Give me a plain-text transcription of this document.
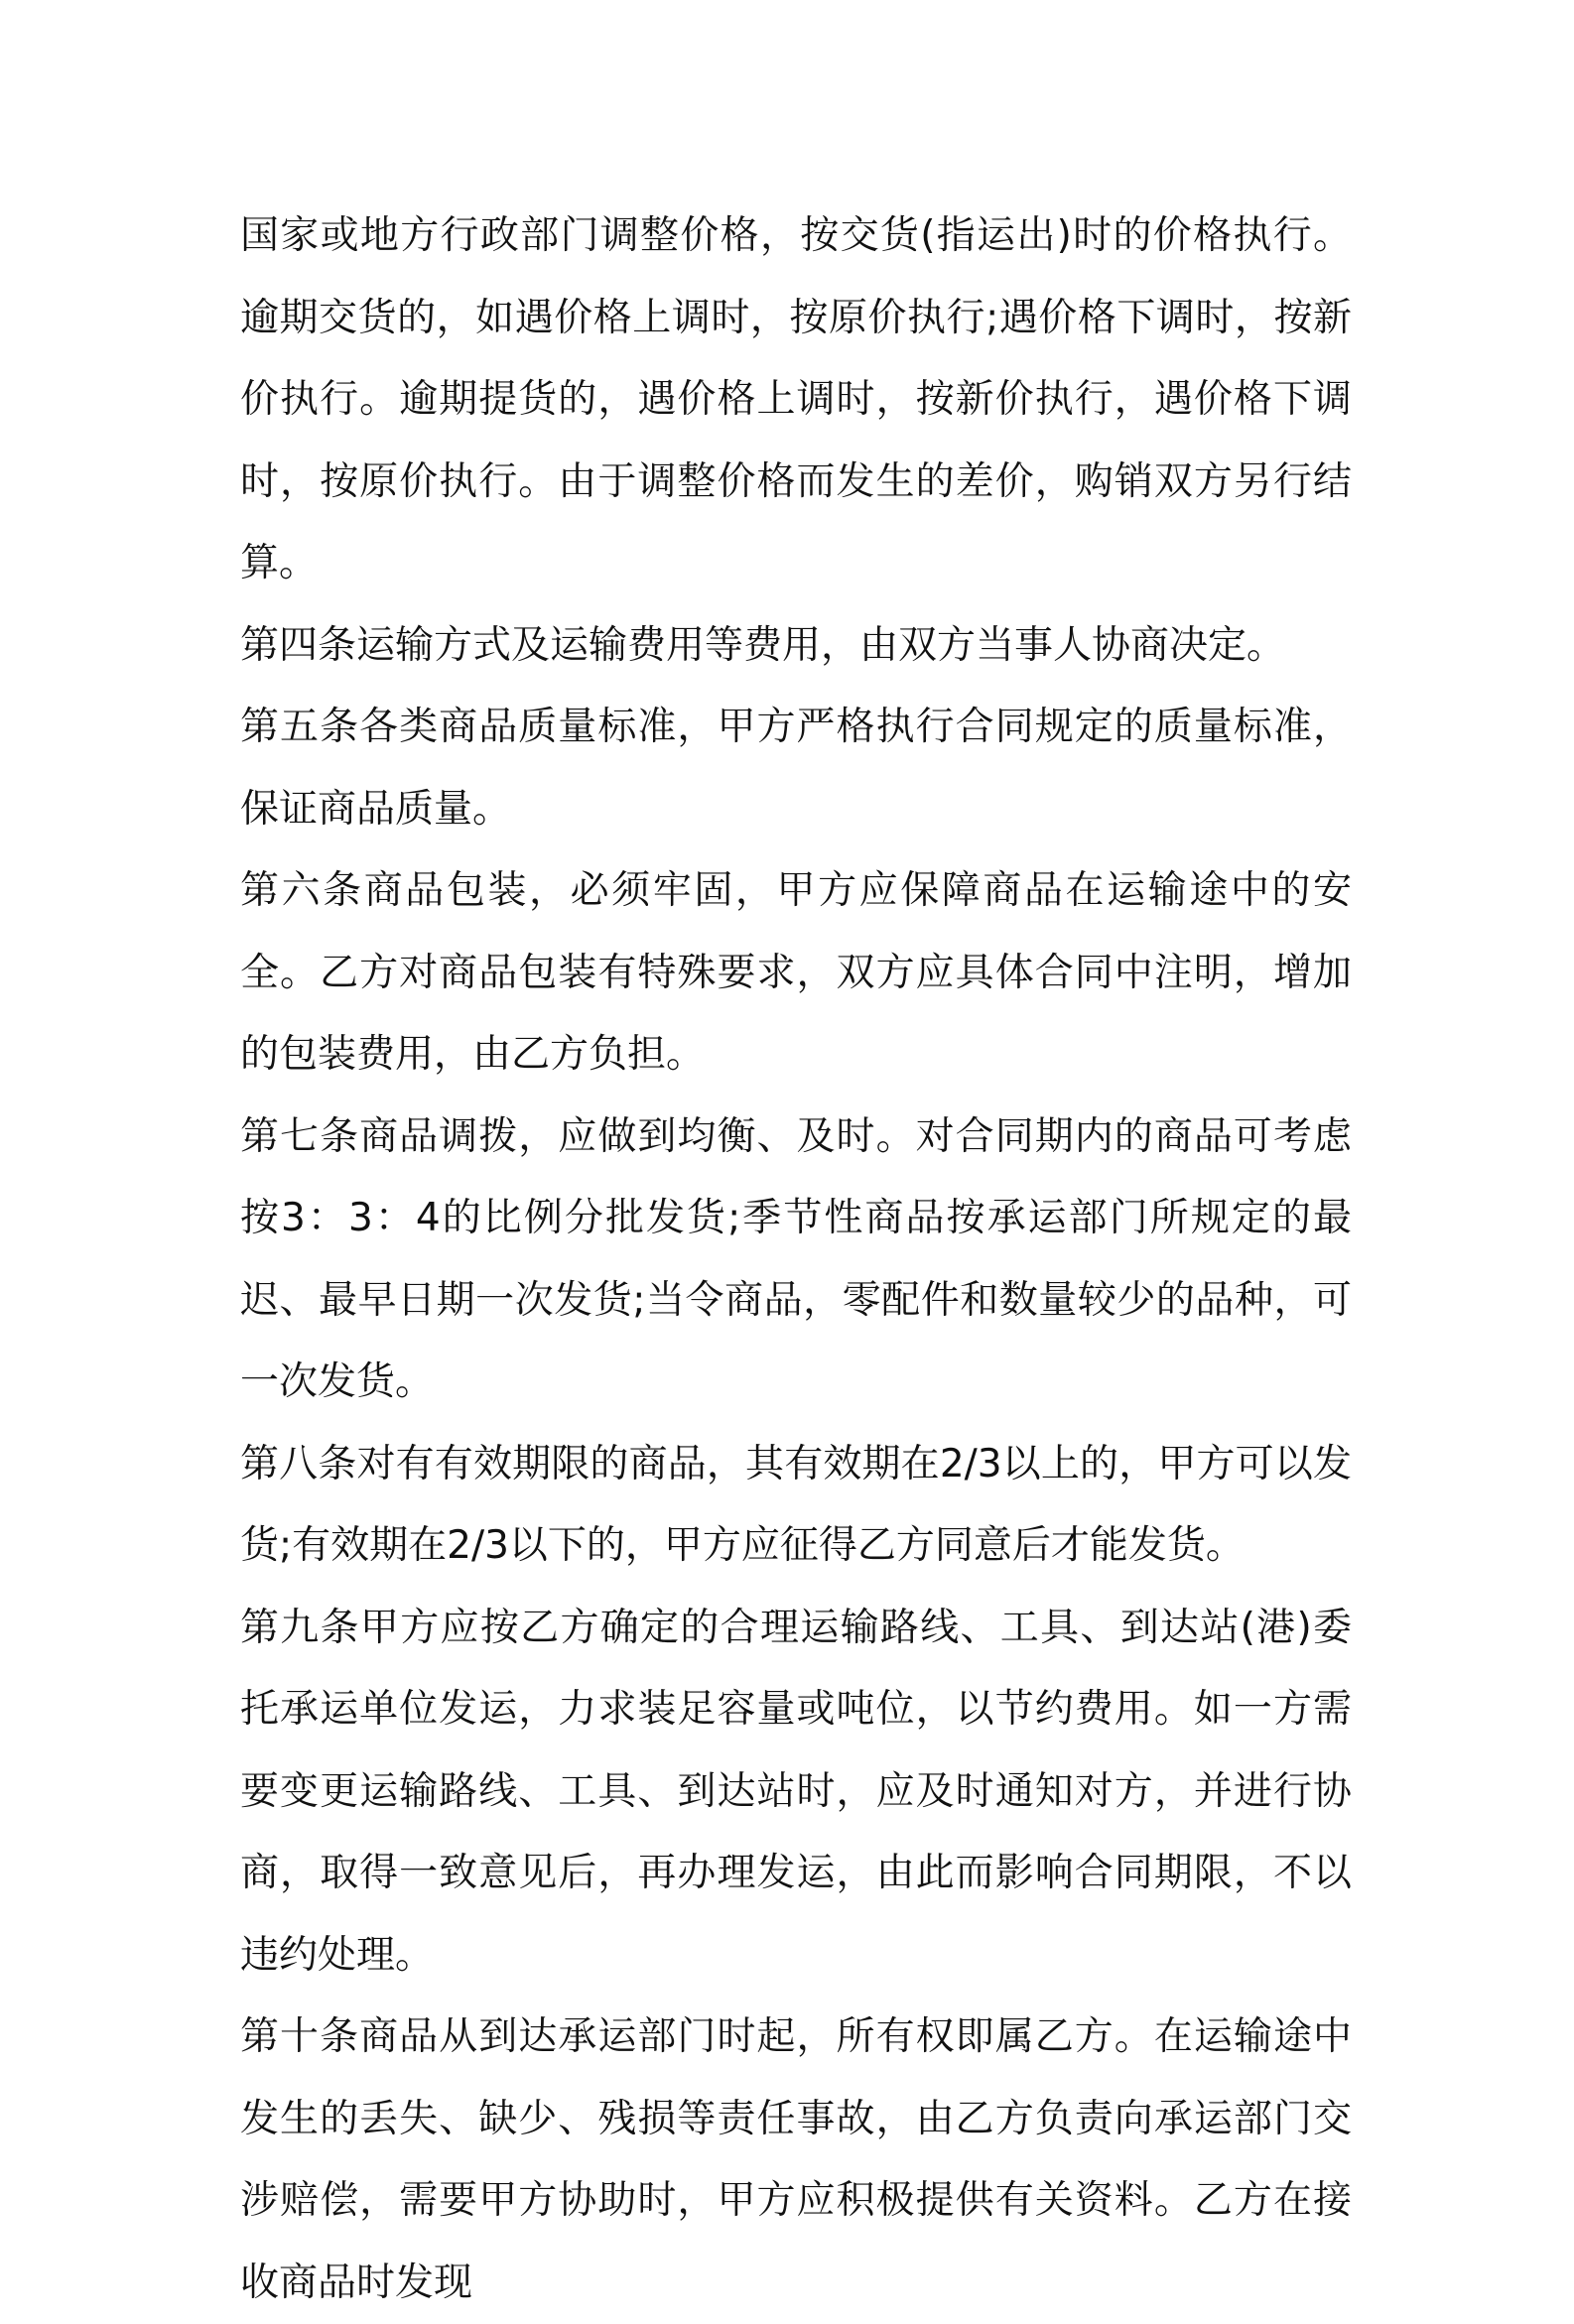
国家或地方行政部门调整价格，按交货(指运出)时的价格执行。逾期交货的，如遇价格上调时，按原价执行;遇价格下调时，按新价执行。逾期提货的，遇价格上调时，按新价执行，遇价格下调时，按原价执行。由于调整价格而发生的差价，购销双方另行结算。

第四条运输方式及运输费用等费用，由双方当事人协商决定。

第五条各类商品质量标准，甲方严格执行合同规定的质量标准，保证商品质量。

第六条商品包装，必须牢固，甲方应保障商品在运输途中的安全。乙方对商品包装有特殊要求，双方应具体合同中注明，增加的包装费用，由乙方负担。

第七条商品调拨，应做到均衡、及时。对合同期内的商品可考虑按3：3：4的比例分批发货;季节性商品按承运部门所规定的最迟、最早日期一次发货;当令商品，零配件和数量较少的品种，可一次发货。

第八条对有有效期限的商品，其有效期在2/3以上的，甲方可以发货;有效期在2/3以下的，甲方应征得乙方同意后才能发货。

第九条甲方应按乙方确定的合理运输路线、工具、到达站(港)委托承运单位发运，力求装足容量或吨位，以节约费用。如一方需要变更运输路线、工具、到达站时，应及时通知对方，并进行协商，取得一致意见后，再办理发运，由此而影响合同期限，不以违约处理。

第十条商品从到达承运部门时起，所有权即属乙方。在运输途中发生的丢失、缺少、残损等责任事故，由乙方负责向承运部门交涉赔偿，需要甲方协助时，甲方应积极提供有关资料。乙方在接收商品时发现
